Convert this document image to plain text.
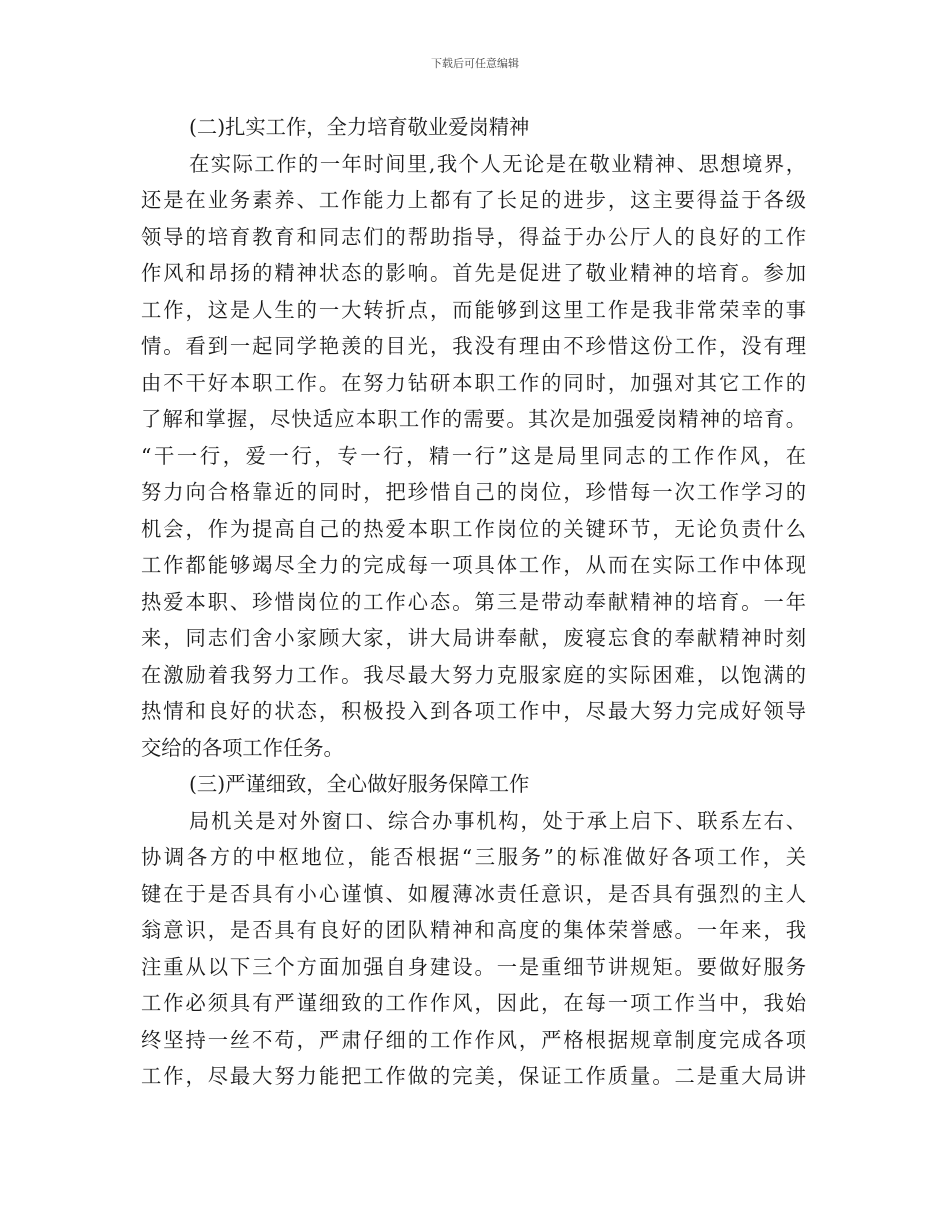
下载后可任意编辑
(二)扎实工作，全力培育敬业爱岗精神
在实际工作的一年时间里,我个人无论是在敬业精神、思想境界，
还是在业务素养、工作能力上都有了长足的进步，这主要得益于各级
领导的培育教育和同志们的帮助指导，得益于办公厅人的良好的工作
作风和昂扬的精神状态的影响。首先是促进了敬业精神的培育。参加
工作，这是人生的一大转折点，而能够到这里工作是我非常荣幸的事
情。看到一起同学艳羡的目光，我没有理由不珍惜这份工作，没有理
由不干好本职工作。在努力钻研本职工作的同时，加强对其它工作的
了解和掌握，尽快适应本职工作的需要。其次是加强爱岗精神的培育。
“干一行，爱一行，专一行，精一行”这是局里同志的工作作风，在
努力向合格靠近的同时，把珍惜自己的岗位，珍惜每一次工作学习的
机会，作为提高自己的热爱本职工作岗位的关键环节，无论负责什么
工作都能够竭尽全力的完成每一项具体工作，从而在实际工作中体现
热爱本职、珍惜岗位的工作心态。第三是带动奉献精神的培育。一年
来，同志们舍小家顾大家，讲大局讲奉献，废寝忘食的奉献精神时刻
在激励着我努力工作。我尽最大努力克服家庭的实际困难，以饱满的
热情和良好的状态，积极投入到各项工作中，尽最大努力完成好领导
交给的各项工作任务。
(三)严谨细致，全心做好服务保障工作
局机关是对外窗口、综合办事机构，处于承上启下、联系左右、
协调各方的中枢地位，能否根据“三服务”的标准做好各项工作，关
键在于是否具有小心谨慎、如履薄冰责任意识，是否具有强烈的主人
翁意识，是否具有良好的团队精神和高度的集体荣誉感。一年来，我
注重从以下三个方面加强自身建设。一是重细节讲规矩。要做好服务
工作必须具有严谨细致的工作作风，因此，在每一项工作当中，我始
终坚持一丝不苟，严肃仔细的工作作风，严格根据规章制度完成各项
工作，尽最大努力能把工作做的完美，保证工作质量。二是重大局讲
